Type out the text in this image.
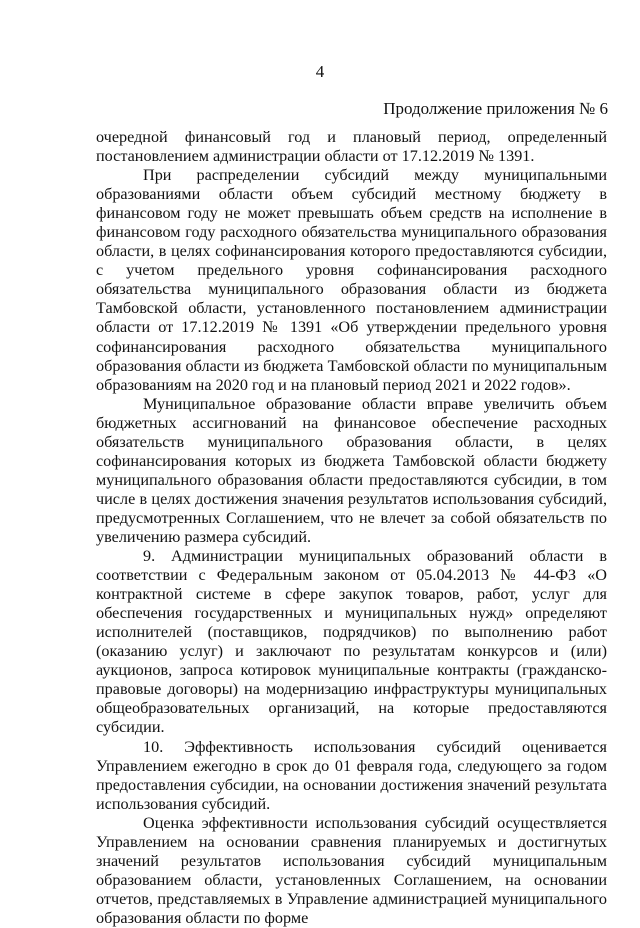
4
Продолжение приложения № 6

очередной финансовый год и плановый период, определенный постановлением администрации области от 17.12.2019 № 1391.

При распределении субсидий между муниципальными образованиями области объем субсидий местному бюджету в финансовом году не может превышать объем средств на исполнение в финансовом году расходного обязательства муниципального образования области, в целях софинансирования которого предоставляются субсидии, с учетом предельного уровня софинансирования расходного обязательства муниципального образования области из бюджета Тамбовской области, установленного постановлением администрации области от 17.12.2019 № 1391 «Об утверждении предельного уровня софинансирования расходного обязательства муниципального образования области из бюджета Тамбовской области по муниципальным образованиям на 2020 год и на плановый период 2021 и 2022 годов».

Муниципальное образование области вправе увеличить объем бюджетных ассигнований на финансовое обеспечение расходных обязательств муниципального образования области, в целях софинансирования которых из бюджета Тамбовской области бюджету муниципального образования области предоставляются субсидии, в том числе в целях достижения значения результатов использования субсидий, предусмотренных Соглашением, что не влечет за собой обязательств по увеличению размера субсидий.

9. Администрации муниципальных образований области в соответствии с Федеральным законом от 05.04.2013 № 44-ФЗ «О контрактной системе в сфере закупок товаров, работ, услуг для обеспечения государственных и муниципальных нужд» определяют исполнителей (поставщиков, подрядчиков) по выполнению работ (оказанию услуг) и заключают по результатам конкурсов и (или) аукционов, запроса котировок муниципальные контракты (гражданско-правовые договоры) на модернизацию инфраструктуры муниципальных общеобразовательных организаций, на которые предоставляются субсидии.

10. Эффективность использования субсидий оценивается Управлением ежегодно в срок до 01 февраля года, следующего за годом предоставления субсидии, на основании достижения значений результата использования субсидий.

Оценка эффективности использования субсидий осуществляется Управлением на основании сравнения планируемых и достигнутых значений результатов использования субсидий муниципальным образованием области, установленных Соглашением, на основании отчетов, представляемых в Управление администрацией муниципального образования области по форме
